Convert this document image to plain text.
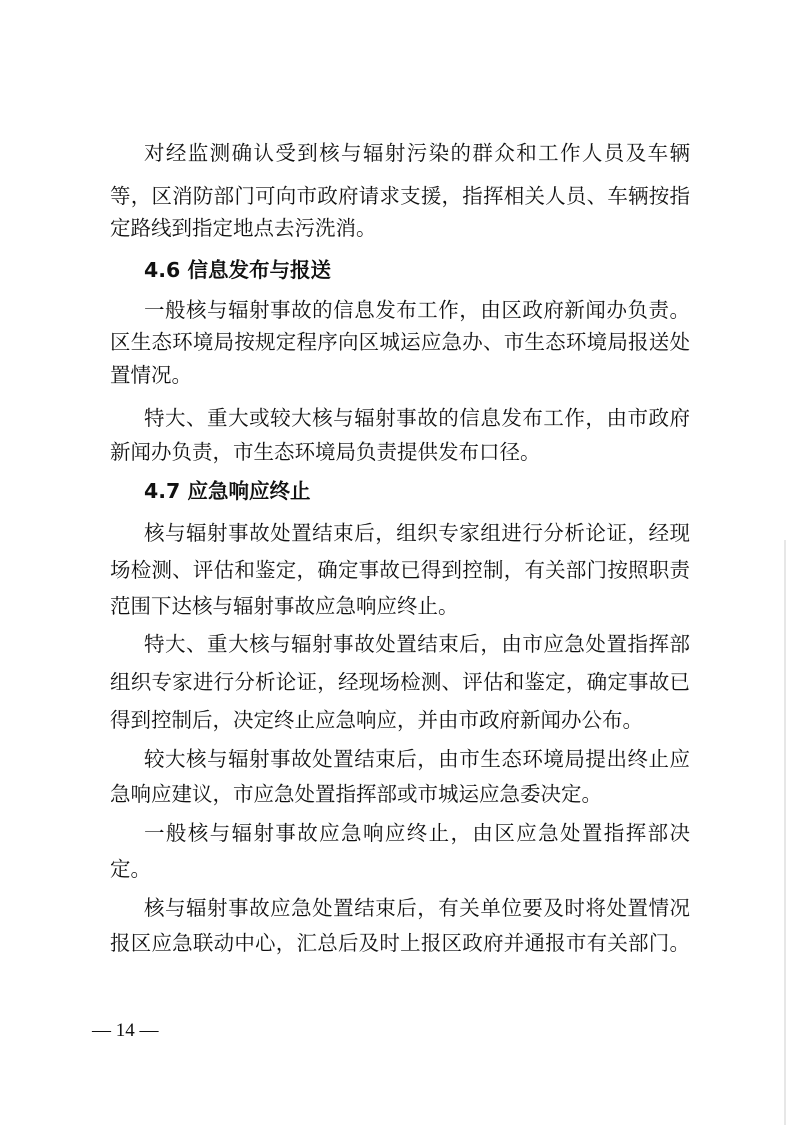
对经监测确认受到核与辐射污染的群众和工作人员及车辆
等，区消防部门可向市政府请求支援，指挥相关人员、车辆按指
定路线到指定地点去污洗消。
4.6 信息发布与报送
一般核与辐射事故的信息发布工作，由区政府新闻办负责。
区生态环境局按规定程序向区城运应急办、市生态环境局报送处
置情况。
特大、重大或较大核与辐射事故的信息发布工作，由市政府
新闻办负责，市生态环境局负责提供发布口径。
4.7 应急响应终止
核与辐射事故处置结束后，组织专家组进行分析论证，经现
场检测、评估和鉴定，确定事故已得到控制，有关部门按照职责
范围下达核与辐射事故应急响应终止。
特大、重大核与辐射事故处置结束后，由市应急处置指挥部
组织专家进行分析论证，经现场检测、评估和鉴定，确定事故已
得到控制后，决定终止应急响应，并由市政府新闻办公布。
较大核与辐射事故处置结束后，由市生态环境局提出终止应
急响应建议，市应急处置指挥部或市城运应急委决定。
一般核与辐射事故应急响应终止，由区应急处置指挥部决
定。
核与辐射事故应急处置结束后，有关单位要及时将处置情况
报区应急联动中心，汇总后及时上报区政府并通报市有关部门。
— 14 —
